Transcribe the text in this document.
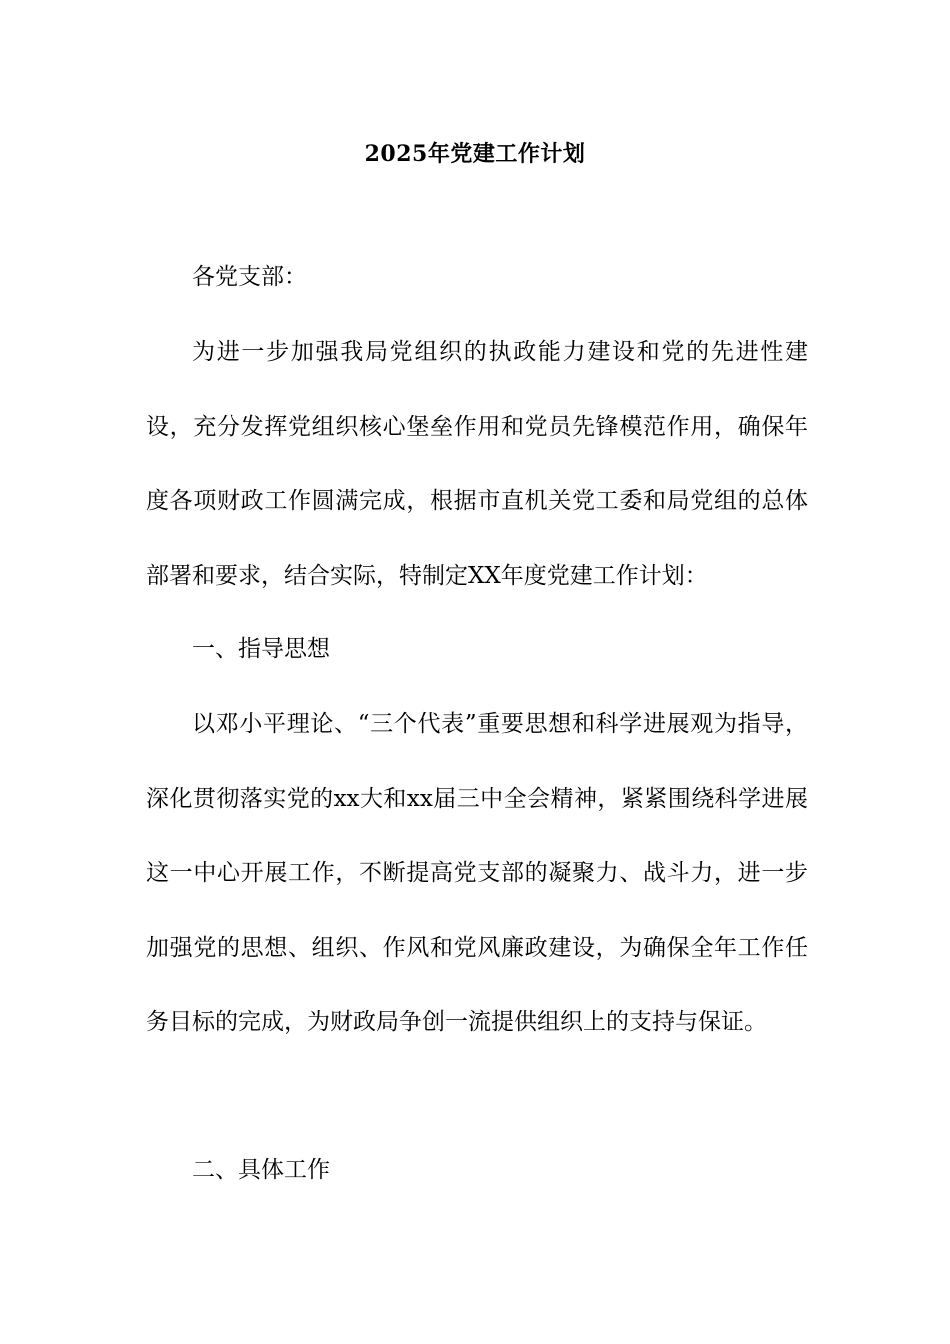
2025年党建工作计划

各党支部：

为进一步加强我局党组织的执政能力建设和党的先进性建设，充分发挥党组织核心堡垒作用和党员先锋模范作用，确保年度各项财政工作圆满完成，根据市直机关党工委和局党组的总体部署和要求，结合实际，特制定XX年度党建工作计划：

一、指导思想

以邓小平理论、“三个代表”重要思想和科学进展观为指导，深化贯彻落实党的xx大和xx届三中全会精神，紧紧围绕科学进展这一中心开展工作，不断提高党支部的凝聚力、战斗力，进一步加强党的思想、组织、作风和党风廉政建设，为确保全年工作任务目标的完成，为财政局争创一流提供组织上的支持与保证。

二、具体工作
